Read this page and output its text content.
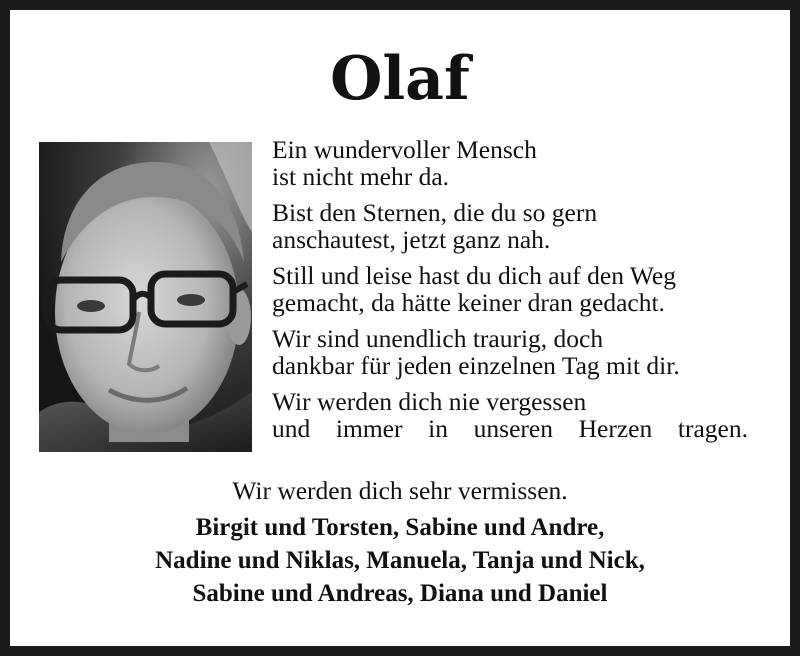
Olaf
Ein wundervoller Mensch
ist nicht mehr da.
Bist den Sternen, die du so gern
anschautest, jetzt ganz nah.
Still und leise hast du dich auf den Weg
gemacht, da hätte keiner dran gedacht.
Wir sind unendlich traurig, doch
dankbar für jeden einzelnen Tag mit dir.
Wir werden dich nie vergessen
und immer in unseren Herzen tragen.
Wir werden dich sehr vermissen.
Birgit und Torsten, Sabine und Andre,
Nadine und Niklas, Manuela, Tanja und Nick,
Sabine und Andreas, Diana und Daniel
